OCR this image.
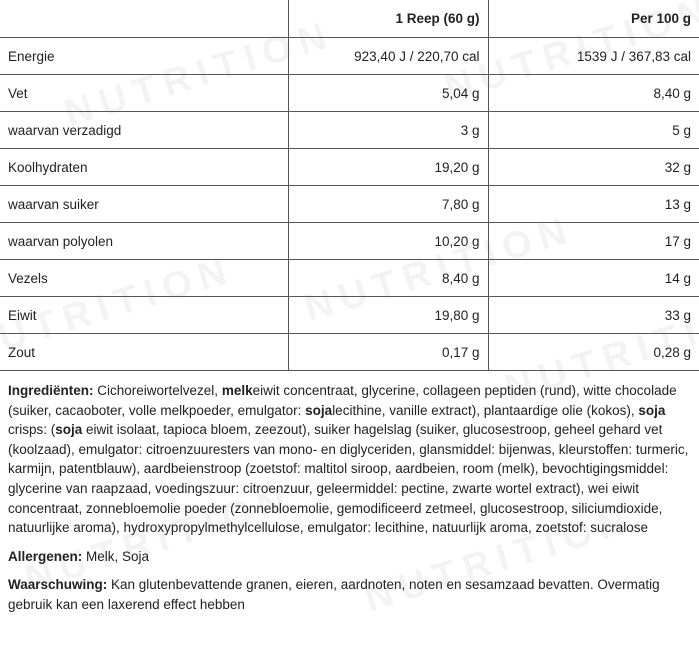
	1 Reep (60 g)	Per 100 g
Energie	923,40 J / 220,70 cal	1539 J / 367,83 cal
Vet	5,04 g	8,40 g
waarvan verzadigd	3 g	5 g
Koolhydraten	19,20 g	32 g
waarvan suiker	7,80 g	13 g
waarvan polyolen	10,20 g	17 g
Vezels	8,40 g	14 g
Eiwit	19,80 g	33 g
Zout	0,17 g	0,28 g

Ingrediënten: Cichoreiwortelvezel, melkeiwit concentraat, glycerine, collageen peptiden (rund), witte chocolade (suiker, cacaoboter, volle melkpoeder, emulgator: sojalecithine, vanille extract), plantaardige olie (kokos), soja crisps: (soja eiwit isolaat, tapioca bloem, zeezout), suiker hagelslag (suiker, glucosestroop, geheel gehard vet (koolzaad), emulgator: citroenzuuresters van mono- en diglyceriden, glansmiddel: bijenwas, kleurstoffen: turmeric, karmijn, patentblauw), aardbeienstroop (zoetstof: maltitol siroop, aardbeien, room (melk), bevochtigingsmiddel: glycerine van raapzaad, voedingszuur: citroenzuur, geleermiddel: pectine, zwarte wortel extract), wei eiwit concentraat, zonnebloemolie poeder (zonnebloemolie, gemodificeerd zetmeel, glucosestroop, siliciumdioxide, natuurlijke aroma), hydroxypropylmethylcellulose, emulgator: lecithine, natuurlijk aroma, zoetstof: sucralose

Allergenen: Melk, Soja

Waarschuwing: Kan glutenbevattende granen, eieren, aardnoten, noten en sesamzaad bevatten. Overmatig gebruik kan een laxerend effect hebben
